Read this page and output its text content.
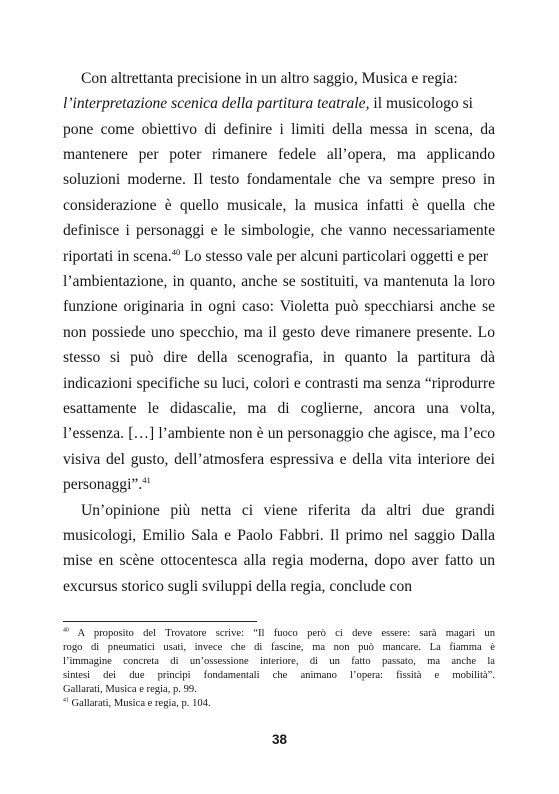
Con altrettanta precisione in un altro saggio, Musica e regia:
l’interpretazione scenica della partitura teatrale, il musicologo si
pone come obiettivo di definire i limiti della messa in scena, da
mantenere per poter rimanere fedele all’opera, ma applicando
soluzioni moderne. Il testo fondamentale che va sempre preso in
considerazione è quello musicale, la musica infatti è quella che
definisce i personaggi e le simbologie, che vanno necessariamente
riportati in scena.$^{40}$ Lo stesso vale per alcuni particolari oggetti e per
l’ambientazione, in quanto, anche se sostituiti, va mantenuta la loro
funzione originaria in ogni caso: Violetta può specchiarsi anche se
non possiede uno specchio, ma il gesto deve rimanere presente. Lo
stesso si può dire della scenografia, in quanto la partitura dà
indicazioni specifiche su luci, colori e contrasti ma senza “riprodurre
esattamente le didascalie, ma di coglierne, ancora una volta,
l’essenza. […] l’ambiente non è un personaggio che agisce, ma l’eco
visiva del gusto, dell’atmosfera espressiva e della vita interiore dei
personaggi”.$^{41}$
Un’opinione più netta ci viene riferita da altri due grandi
musicologi, Emilio Sala e Paolo Fabbri. Il primo nel saggio Dalla
mise en scène ottocentesca alla regia moderna, dopo aver fatto un
excursus storico sugli sviluppi della regia, conclude con
$^{40}$ A proposito del Trovatore scrive: “Il fuoco però ci deve essere: sarà magari un
rogo di pneumatici usati, invece che di fascine, ma non può mancare. La fiamma è
l’immagine concreta di un’ossessione interiore, di un fatto passato, ma anche la
sintesi dei due principi fondamentali che animano l’opera: fissità e mobilità”.
Gallarati, Musica e regia, p. 99.
$^{41}$ Gallarati, Musica e regia, p. 104.
38
